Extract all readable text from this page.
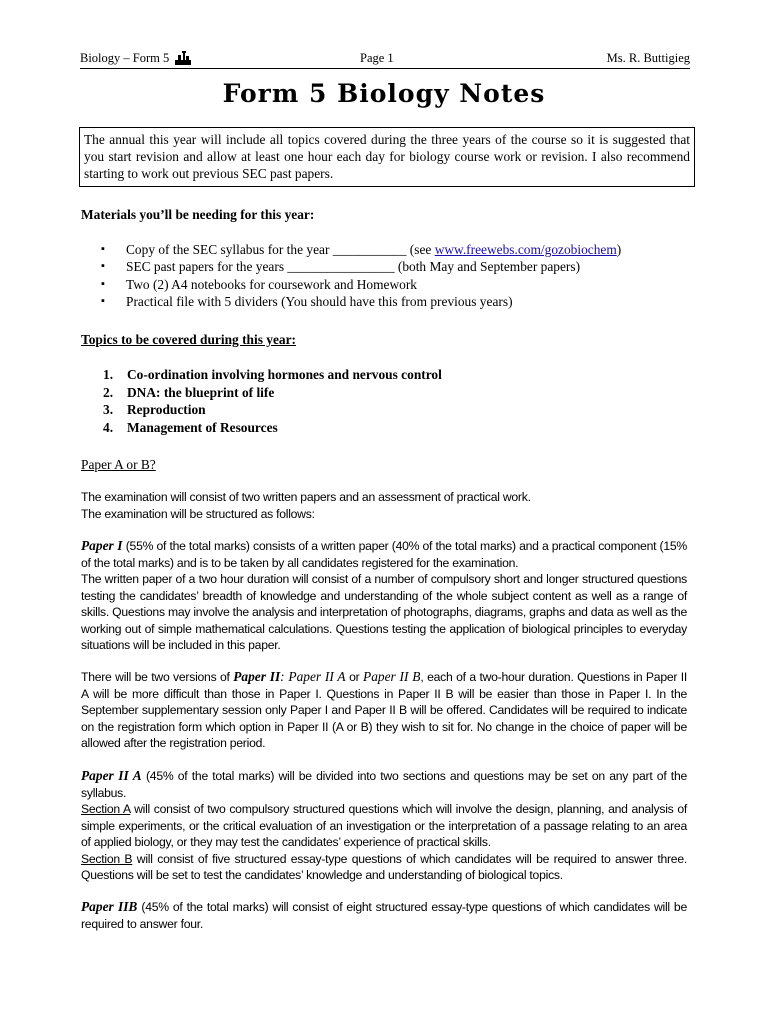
Biology – Form 5	Page 1	Ms. R. Buttigieg
Form 5 Biology Notes
The annual this year will include all topics covered during the three years of the course so it is suggested that you start revision and allow at least one hour each day for biology course work or revision. I also recommend starting to work out previous SEC past papers.
Materials you’ll be needing for this year:
▪ Copy of the SEC syllabus for the year ___________ (see www.freewebs.com/gozobiochem)
▪ SEC past papers for the years ________________ (both May and September papers)
▪ Two (2) A4 notebooks for coursework and Homework
▪ Practical file with 5 dividers (You should have this from previous years)
Topics to be covered during this year:
1. Co-ordination involving hormones and nervous control
2. DNA: the blueprint of life
3. Reproduction
4. Management of Resources
Paper A or B?

The examination will consist of two written papers and an assessment of practical work.

The examination will be structured as follows:

Paper I (55% of the total marks) consists of a written paper (40% of the total marks) and a practical component (15% of the total marks) and is to be taken by all candidates registered for the examination.

The written paper of a two hour duration will consist of a number of compulsory short and longer structured questions testing the candidates’ breadth of knowledge and understanding of the whole subject content as well as a range of skills. Questions may involve the analysis and interpretation of photographs, diagrams, graphs and data as well as the working out of simple mathematical calculations. Questions testing the application of biological principles to everyday situations will be included in this paper.

There will be two versions of Paper II: Paper II A or Paper II B, each of a two-hour duration. Questions in Paper II A will be more difficult than those in Paper I. Questions in Paper II B will be easier than those in Paper I. In the September supplementary session only Paper I and Paper II B will be offered. Candidates will be required to indicate on the registration form which option in Paper II (A or B) they wish to sit for. No change in the choice of paper will be allowed after the registration period.

Paper II A (45% of the total marks) will be divided into two sections and questions may be set on any part of the syllabus.

Section A will consist of two compulsory structured questions which will involve the design, planning, and analysis of simple experiments, or the critical evaluation of an investigation or the interpretation of a passage relating to an area of applied biology, or they may test the candidates’ experience of practical skills.

Section B will consist of five structured essay-type questions of which candidates will be required to answer three. Questions will be set to test the candidates’ knowledge and understanding of biological topics.

Paper IIB (45% of the total marks) will consist of eight structured essay-type questions of which candidates will be required to answer four.
